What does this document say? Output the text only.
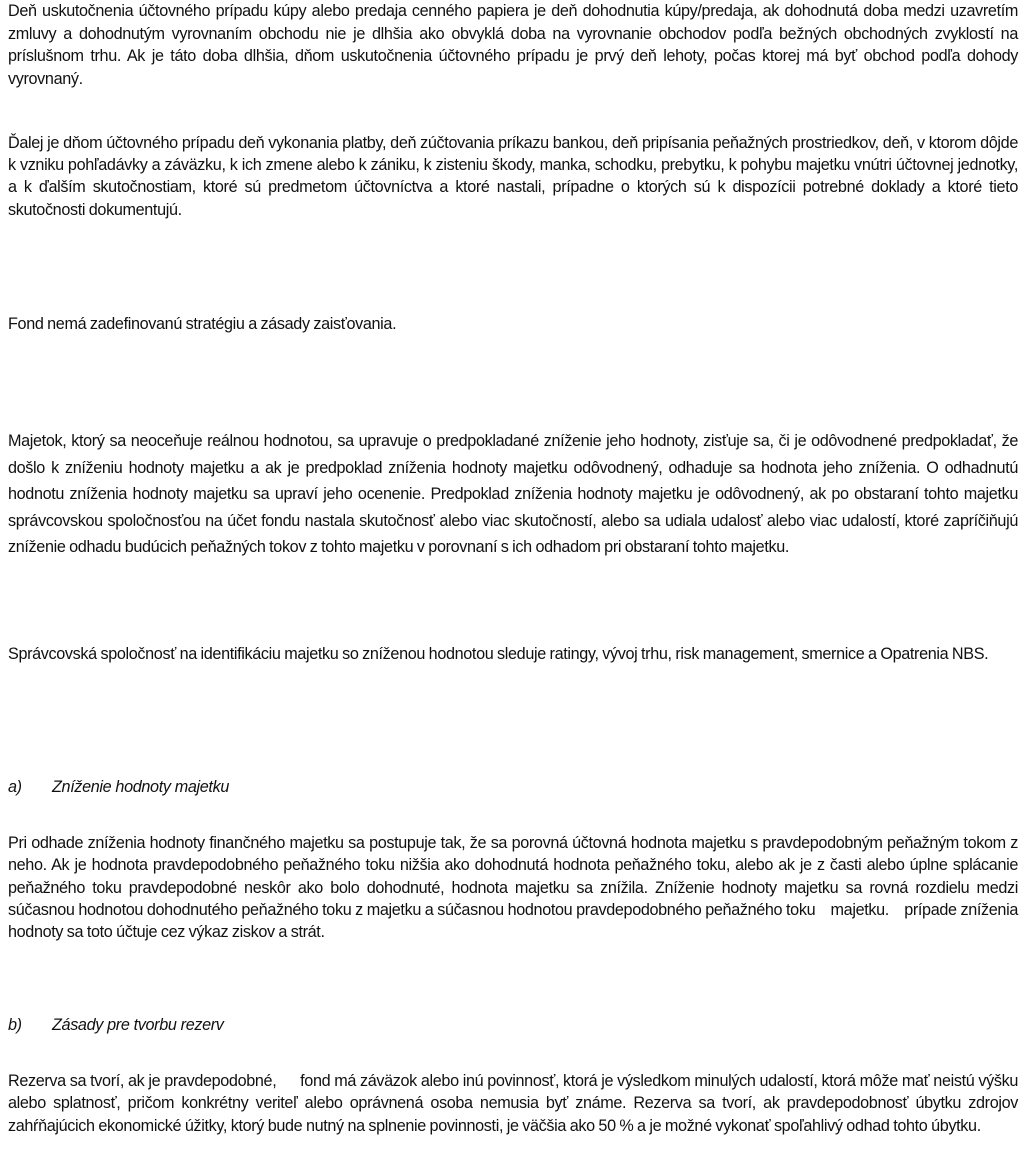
Deň uskutočnenia účtovného prípadu kúpy alebo predaja cenného papiera je deň dohodnutia kúpy/predaja, ak dohodnutá doba medzi uzavretím zmluvy a dohodnutým vyrovnaním obchodu nie je dlhšia ako obvyklá doba na vyrovnanie obchodov podľa bežných obchodných zvyklostí na príslušnom trhu. Ak je táto doba dlhšia, dňom uskutočnenia účtovného prípadu je prvý deň lehoty, počas ktorej má byť obchod podľa dohody vyrovnaný.

Ďalej je dňom účtovného prípadu deň vykonania platby, deň zúčtovania príkazu bankou, deň pripísania peňažných prostriedkov, deň, v ktorom dôjde k vzniku pohľadávky a záväzku, k ich zmene alebo k zániku, k zisteniu škody, manka, schodku, prebytku, k pohybu majetku vnútri účtovnej jednotky, a k ďalším skutočnostiam, ktoré sú predmetom účtovníctva a ktoré nastali, prípadne o ktorých sú k dispozícii potrebné doklady a ktoré tieto skutočnosti dokumentujú.

Fond nemá zadefinovanú stratégiu a zásady zaisťovania.

Majetok, ktorý sa neoceňuje reálnou hodnotou, sa upravuje o predpokladané zníženie jeho hodnoty, zisťuje sa, či je odôvodnené predpokladať, že došlo k zníženiu hodnoty majetku a ak je predpoklad zníženia hodnoty majetku odôvodnený, odhaduje sa hodnota jeho zníženia. O odhadnutú hodnotu zníženia hodnoty majetku sa upraví jeho ocenenie. Predpoklad zníženia hodnoty majetku je odôvodnený, ak po obstaraní tohto majetku správcovskou spoločnosťou na účet fondu nastala skutočnosť alebo viac skutočností, alebo sa udiala udalosť alebo viac udalostí, ktoré zapríčiňujú zníženie odhadu budúcich peňažných tokov z tohto majetku v porovnaní s ich odhadom pri obstaraní tohto majetku.

Správcovská spoločnosť na identifikáciu majetku so zníženou hodnotou sleduje ratingy, vývoj trhu, risk management, smernice a Opatrenia NBS.

a) Zníženie hodnoty majetku

Pri odhade zníženia hodnoty finančného majetku sa postupuje tak, že sa porovná účtovná hodnota majetku s pravdepodobným peňažným tokom z neho. Ak je hodnota pravdepodobného peňažného toku nižšia ako dohodnutá hodnota peňažného toku, alebo ak je z časti alebo úplne splácanie peňažného toku pravdepodobné neskôr ako bolo dohodnuté, hodnota majetku sa znížila. Zníženie hodnoty majetku sa rovná rozdielu medzi súčasnou hodnotou dohodnutého peňažného toku z majetku a súčasnou hodnotou pravdepodobného peňažného toku    majetku.    prípade zníženia hodnoty sa toto účtuje cez výkaz ziskov a strát.

b) Zásady pre tvorbu rezerv

Rezerva sa tvorí, ak je pravdepodobné,      fond má záväzok alebo inú povinnosť, ktorá je výsledkom minulých udalostí, ktorá môže mať neistú výšku alebo splatnosť, pričom konkrétny veriteľ alebo oprávnená osoba nemusia byť známe. Rezerva sa tvorí, ak pravdepodobnosť úbytku zdrojov zahŕňajúcich ekonomické úžitky, ktorý bude nutný na splnenie povinnosti, je väčšia ako 50 % a je možné vykonať spoľahlivý odhad tohto úbytku.
